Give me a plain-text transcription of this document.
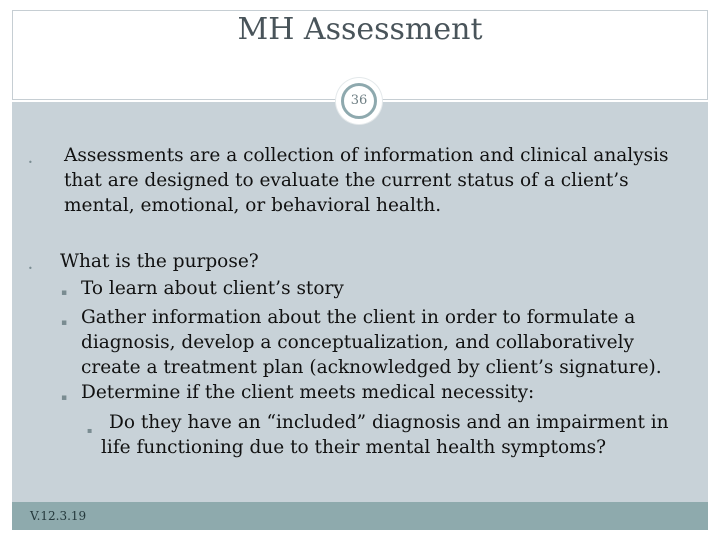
MH Assessment
36
• Assessments are a collection of information and clinical analysis that are designed to evaluate the current status of a client’s mental, emotional, or behavioral health.
• What is the purpose?
▪ To learn about client’s story
▪ Gather information about the client in order to formulate a diagnosis, develop a conceptualization, and collaboratively create a treatment plan (acknowledged by client’s signature).
▪ Determine if the client meets medical necessity:
▪ Do they have an “included” diagnosis and an impairment in life functioning due to their mental health symptoms?
V.12.3.19
